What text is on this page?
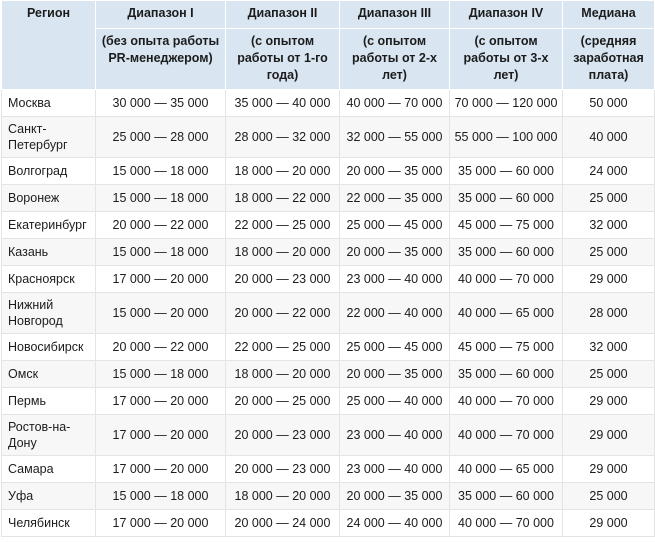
Регион	Диапазон I	Диапазон II	Диапазон III	Диапазон IV	Медиана
	(без опыта работы PR-менеджером)	(с опытом работы от 1-го года)	(с опытом работы от 2-х лет)	(с опытом работы от 3-х лет)	(средняя заработная плата)
Москва	30 000 — 35 000	35 000 — 40 000	40 000 — 70 000	70 000 — 120 000	50 000
Санкт-Петербург	25 000 — 28 000	28 000 — 32 000	32 000 — 55 000	55 000 — 100 000	40 000
Волгоград	15 000 — 18 000	18 000 — 20 000	20 000 — 35 000	35 000 — 60 000	24 000
Воронеж	15 000 — 18 000	18 000 — 22 000	22 000 — 35 000	35 000 — 60 000	25 000
Екатеринбург	20 000 — 22 000	22 000 — 25 000	25 000 — 45 000	45 000 — 75 000	32 000
Казань	15 000 — 18 000	18 000 — 20 000	20 000 — 35 000	35 000 — 60 000	25 000
Красноярск	17 000 — 20 000	20 000 — 23 000	23 000 — 40 000	40 000 — 70 000	29 000
Нижний Новгород	15 000 — 20 000	20 000 — 22 000	22 000 — 40 000	40 000 — 65 000	28 000
Новосибирск	20 000 — 22 000	22 000 — 25 000	25 000 — 45 000	45 000 — 75 000	32 000
Омск	15 000 — 18 000	18 000 — 20 000	20 000 — 35 000	35 000 — 60 000	25 000
Пермь	17 000 — 20 000	20 000 — 25 000	25 000 — 40 000	40 000 — 70 000	29 000
Ростов-на-Дону	17 000 — 20 000	20 000 — 23 000	23 000 — 40 000	40 000 — 70 000	29 000
Самара	17 000 — 20 000	20 000 — 23 000	23 000 — 40 000	40 000 — 65 000	29 000
Уфа	15 000 — 18 000	18 000 — 20 000	20 000 — 35 000	35 000 — 60 000	25 000
Челябинск	17 000 — 20 000	20 000 — 24 000	24 000 — 40 000	40 000 — 70 000	29 000
